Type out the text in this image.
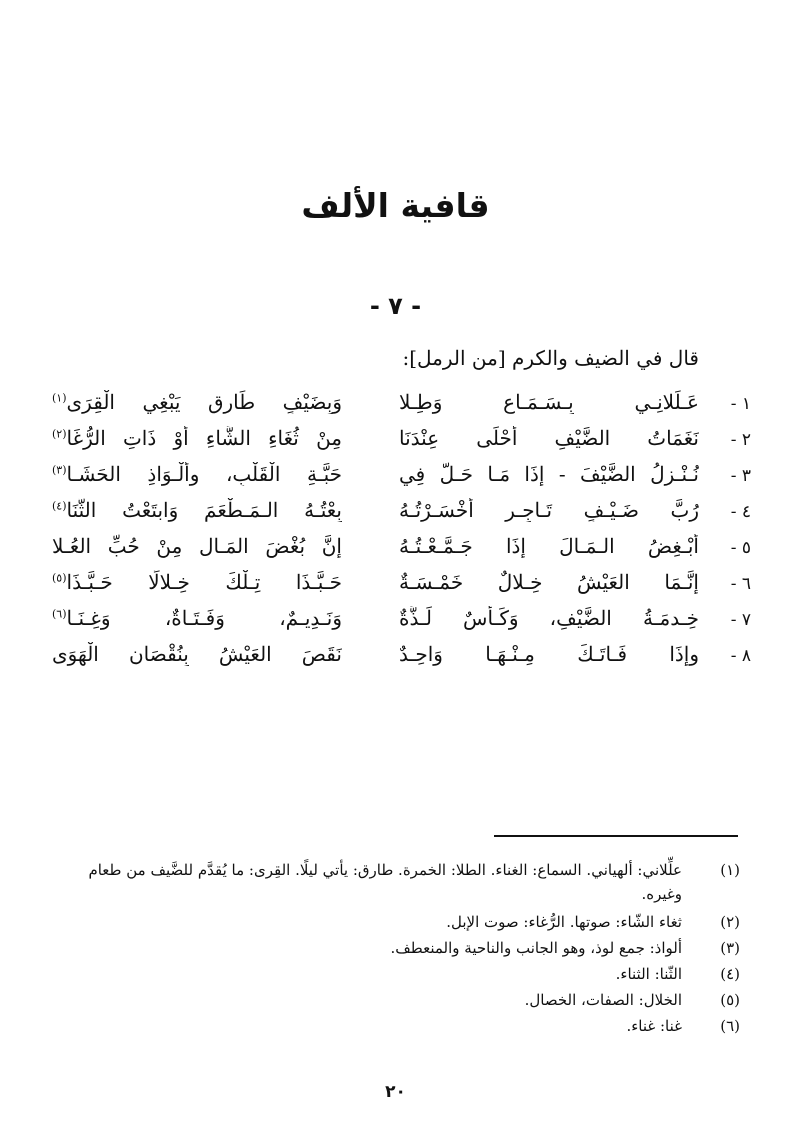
قافية الألف
- ٧ -
قال في الضيف والكرم [من الرمل]:
١ -
عَـلِّلانِـي بِـسَـمَـاعٍ وَطِـلا
وَبِضَيْفٍ طَارِقٍ يَبْغِي الْقِرَى$^{(١)}$
٢ -
نَغَمَاتُ الضَّيْفِ أَحْلَى عِنْدَنَا
مِنْ ثُغَاءِ الشَّاءِ أَوْ ذَاتِ الرُّغَا$^{(٢)}$
٣ -
نُـنْـزِلُ الضَّيْفَ - إِذَا مَـا حَـلَّ فِي
حَبَّـةِ الْقَلْبِ، وأَلْـوَاذِ الحَشَـا$^{(٣)}$
٤ -
رُبَّ ضَـيْـفٍ تَـاجِـرٍ أَخْسَـرْتُـهُ
بِعْتُـهُ الـمَـطْعَمَ وَابتَعْتُ الثَّنَا$^{(٤)}$
٥ -
أُبْـغِضُ الـمَـالَ إِذَا جَـمَّـعْـتُـهُ
إِنَّ بُغْضَ المَـالِ مِنْ حُبِّ العُـلا
٦ -
إِنَّـمَا العَيْشُ خِـلالٌ خَمْـسَـةٌ
حَـبَّـذَا تِـلْكَ خِـلالًا حَـبَّـذَا$^{(٥)}$
٧ -
خِـدمَـةُ الضَّيْفِ، وَكَـأْسٌ لَـذَّةٌ
وَنَـدِيـمٌ، وَفَـتَـاةٌ، وَغِـنَـا$^{(٦)}$
٨ -
وإذَا فَـاتَـكَ مِـنْـهَـا وَاحِـدٌ
نَقَصَ العَيْشُ بِنُقْصَانِ الْهَوَى
(١)
علِّلاني: ألهياني. السماع: الغناء. الطلا: الخمرة. طارق: يأتي ليلًا. القِرى: ما يُقدَّم للضَّيف من طعام وغيره.
(٢)
ثغاء الشّاء: صوتها. الرُّغاء: صوت الإبل.
(٣)
ألواذ: جمع لوذ، وهو الجانب والناحية والمنعطف.
(٤)
الثّنا: الثناء.
(٥)
الخلال: الصفات، الخصال.
(٦)
غنا: غناء.
٢٠
